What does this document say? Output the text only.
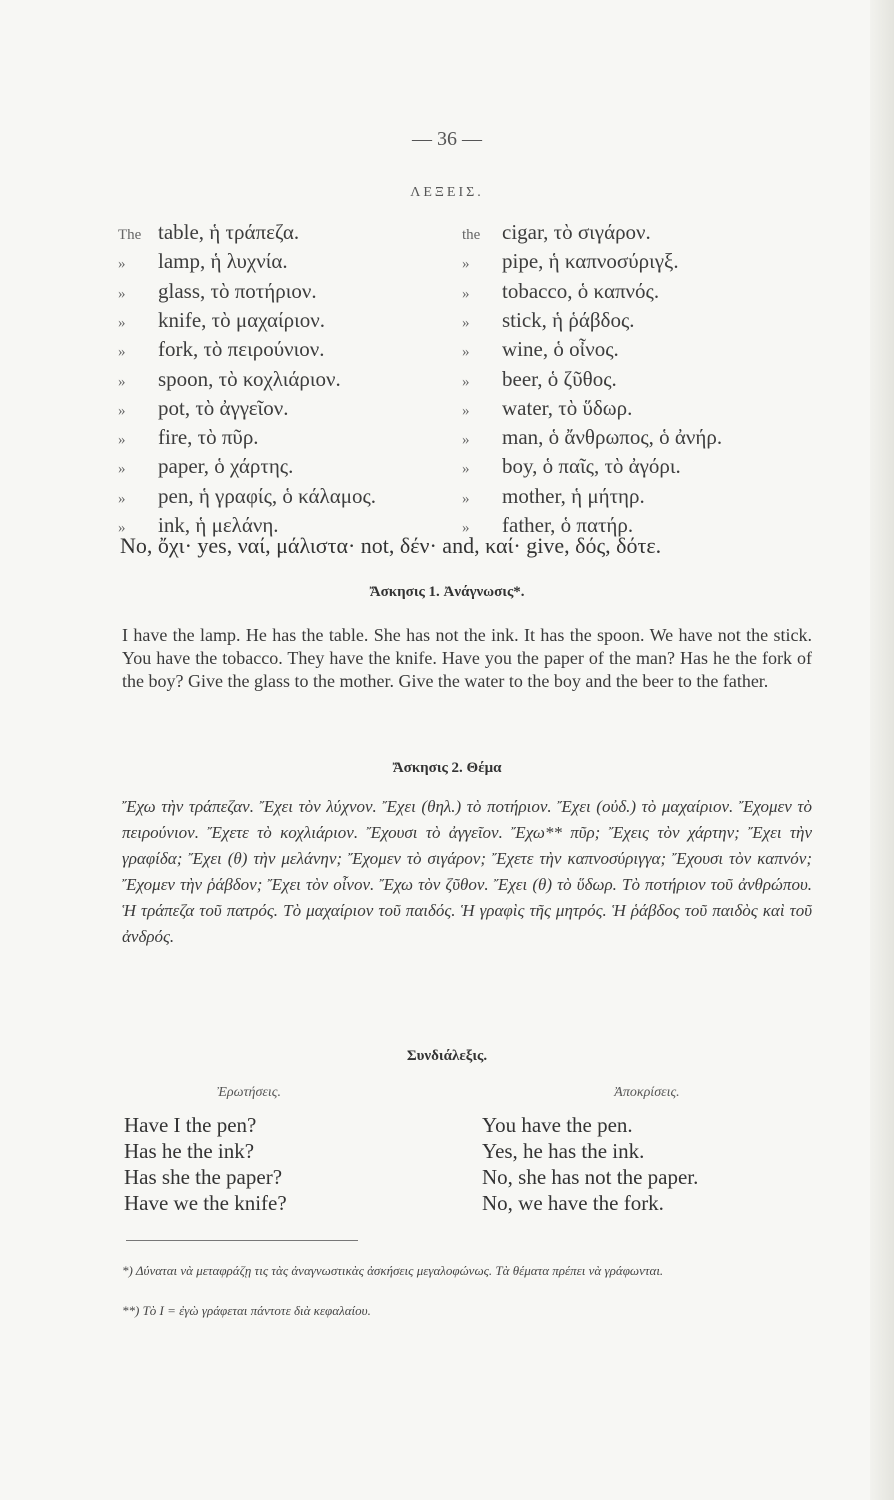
— 36 —
ΛΕΞΕΙΣ.
The table, ἡ τράπεζα.
» lamp, ἡ λυχνία.
» glass, τὸ ποτήριον.
» knife, τὸ μαχαίριον.
» fork, τὸ πειρούνιον.
» spoon, τὸ κοχλιάριον.
» pot, τὸ ἀγγεῖον.
» fire, τὸ πῦρ.
» paper, ὁ χάρτης.
» pen, ἡ γραφίς, ὁ κάλαμος.
» ink, ἡ μελάνη.
the cigar, τὸ σιγάρον.
» pipe, ἡ καπνοσύριγξ.
» tobacco, ὁ καπνός.
» stick, ἡ ῥάβδος.
» wine, ὁ οἶνος.
» beer, ὁ ζῦθος.
» water, τὸ ὕδωρ.
» man, ὁ ἄνθρωπος, ὁ ἀνήρ.
» boy, ὁ παῖς, τὸ ἀγόρι.
» mother, ἡ μήτηρ.
» father, ὁ πατήρ.
No, ὄχι· yes, ναί, μάλιστα· not, δέν· and, καί· give, δός, δότε.
Ἄσκησις 1. Ἀνάγνωσις*.
I have the lamp. He has the table. She has not the ink. It has the spoon. We have not the stick. You have the tobacco. They have the knife. Have you the paper of the man? Has he the fork of the boy? Give the glass to the mother. Give the water to the boy and the beer to the father.
Ἄσκησις 2. Θέμα
Ἔχω τὴν τράπεζαν. Ἔχει τὸν λύχνον. Ἔχει (θηλ.) τὸ ποτήριον. Ἔχει (οὐδ.) τὸ μαχαίριον. Ἔχομεν τὸ πειρούνιον. Ἔχετε τὸ κοχλιάριον. Ἔχουσι τὸ ἀγγεῖον. Ἔχω** πῦρ; Ἔχεις τὸν χάρτην; Ἔχει τὴν γραφίδα; Ἔχει (θ) τὴν μελάνην; Ἔχομεν τὸ σιγάρον; Ἔχετε τὴν καπνοσύριγγα; Ἔχουσι τὸν καπνόν; Ἔχομεν τὴν ῥάβδον; Ἔχει τὸν οἶνον. Ἔχω τὸν ζῦθον. Ἔχει (θ) τὸ ὕδωρ. Τὸ ποτήριον τοῦ ἀνθρώπου. Ἡ τράπεζα τοῦ πατρός. Τὸ μαχαίριον τοῦ παιδός. Ἡ γραφὶς τῆς μητρός. Ἡ ῥάβδος τοῦ παιδὸς καὶ τοῦ ἀνδρός.
Συνδιάλεξις.
Ἐρωτήσεις.
Have I the pen?
Has he the ink?
Has she the paper?
Have we the knife?
Ἀποκρίσεις.
You have the pen.
Yes, he has the ink.
No, she has not the paper.
No, we have the fork.
*) Δύναται νὰ μεταφράζῃ τις τὰς ἀναγνωστικὰς ἀσκήσεις μεγαλοφώνως. Τὰ θέματα πρέπει νὰ γράφωνται.
**) Τὸ I = ἐγὼ γράφεται πάντοτε διὰ κεφαλαίου.
